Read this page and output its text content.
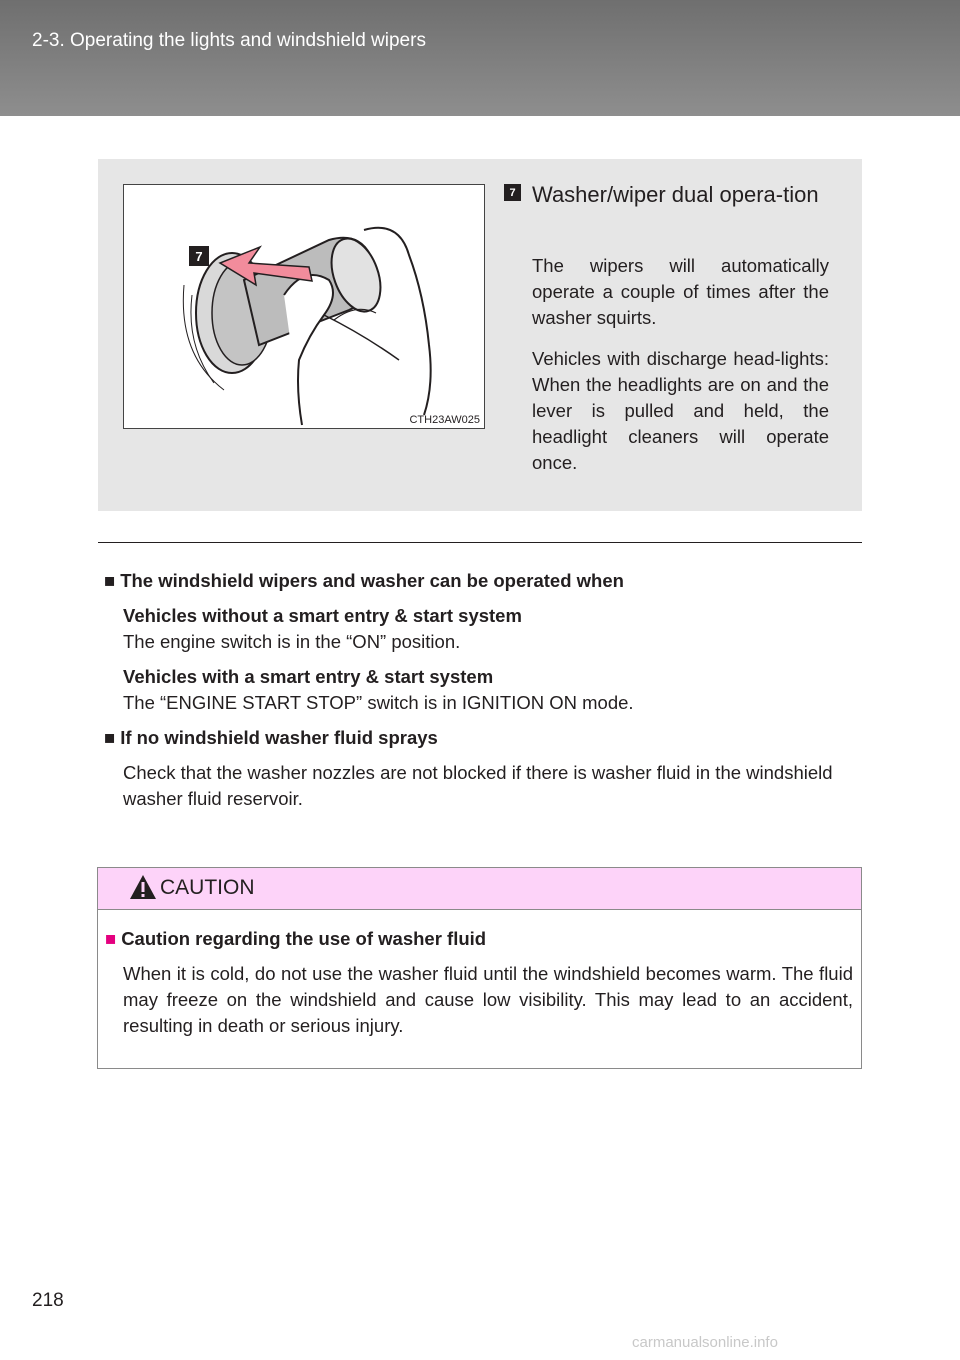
2-3. Operating the lights and windshield wipers
7
CTH23AW025
7 Washer/wiper dual opera-tion
The wipers will automatically operate a couple of times after the washer squirts.
Vehicles with discharge head-lights: When the headlights are on and the lever is pulled and held, the headlight cleaners will operate once.
■ The windshield wipers and washer can be operated when
Vehicles without a smart entry & start system
The engine switch is in the “ON” position.
Vehicles with a smart entry & start system
The “ENGINE START STOP” switch is in IGNITION ON mode.
■ If no windshield washer fluid sprays
Check that the washer nozzles are not blocked if there is washer fluid in the windshield washer fluid reservoir.
CAUTION
■ Caution regarding the use of washer fluid
When it is cold, do not use the washer fluid until the windshield becomes warm. The fluid may freeze on the windshield and cause low visibility. This may lead to an accident, resulting in death or serious injury.
218
carmanualsonline.info
